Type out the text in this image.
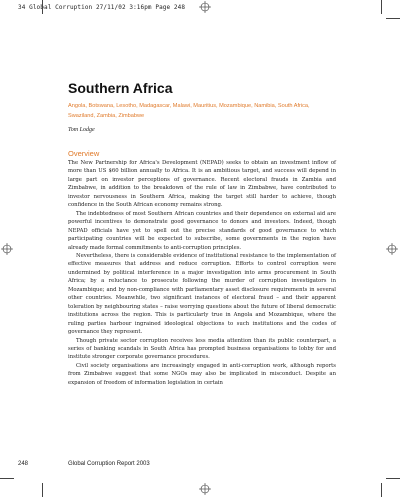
34 Global Corruption 27/11/02 3:16pm Page 248
Southern Africa
Angola, Botswana, Lesotho, Madagascar, Malawi, Mauritius, Mozambique, Namibia, South Africa, Swaziland, Zambia, Zimbabwe
Tom Lodge
Overview

The New Partnership for Africa's Development (NEPAD) seeks to obtain an investment inflow of more than US $60 billion annually to Africa. It is an ambitious target, and success will depend in large part on investor perceptions of governance. Recent electoral frauds in Zambia and Zimbabwe, in addition to the breakdown of the rule of law in Zimbabwe, have contributed to investor nervousness in Southern Africa, making the target still harder to achieve, though confidence in the South African economy remains strong.

The indebtedness of most Southern African countries and their dependence on external aid are powerful incentives to demonstrate good governance to donors and investors. Indeed, though NEPAD officials have yet to spell out the precise standards of good governance to which participating countries will be expected to subscribe, some governments in the region have already made formal commitments to anti-corruption principles.

Nevertheless, there is considerable evidence of institutional resistance to the implementation of effective measures that address and reduce corruption. Efforts to control corruption were undermined by political interference in a major investigation into arms procurement in South Africa; by a reluctance to prosecute following the murder of corruption investigators in Mozambique; and by non-compliance with parliamentary asset disclosure requirements in several other countries. Meanwhile, two significant instances of electoral fraud – and their apparent toleration by neighbouring states – raise worrying questions about the future of liberal democratic institutions across the region. This is particularly true in Angola and Mozambique, where the ruling parties harbour ingrained ideological objections to such institutions and the codes of governance they represent.

Though private sector corruption receives less media attention than its public counterpart, a series of banking scandals in South Africa has prompted business organisations to lobby for and institute stronger corporate governance procedures.

Civil society organisations are increasingly engaged in anti-corruption work, although reports from Zimbabwe suggest that some NGOs may also be implicated in misconduct. Despite an expansion of freedom of information legislation in certain

248	Global Corruption Report 2003
